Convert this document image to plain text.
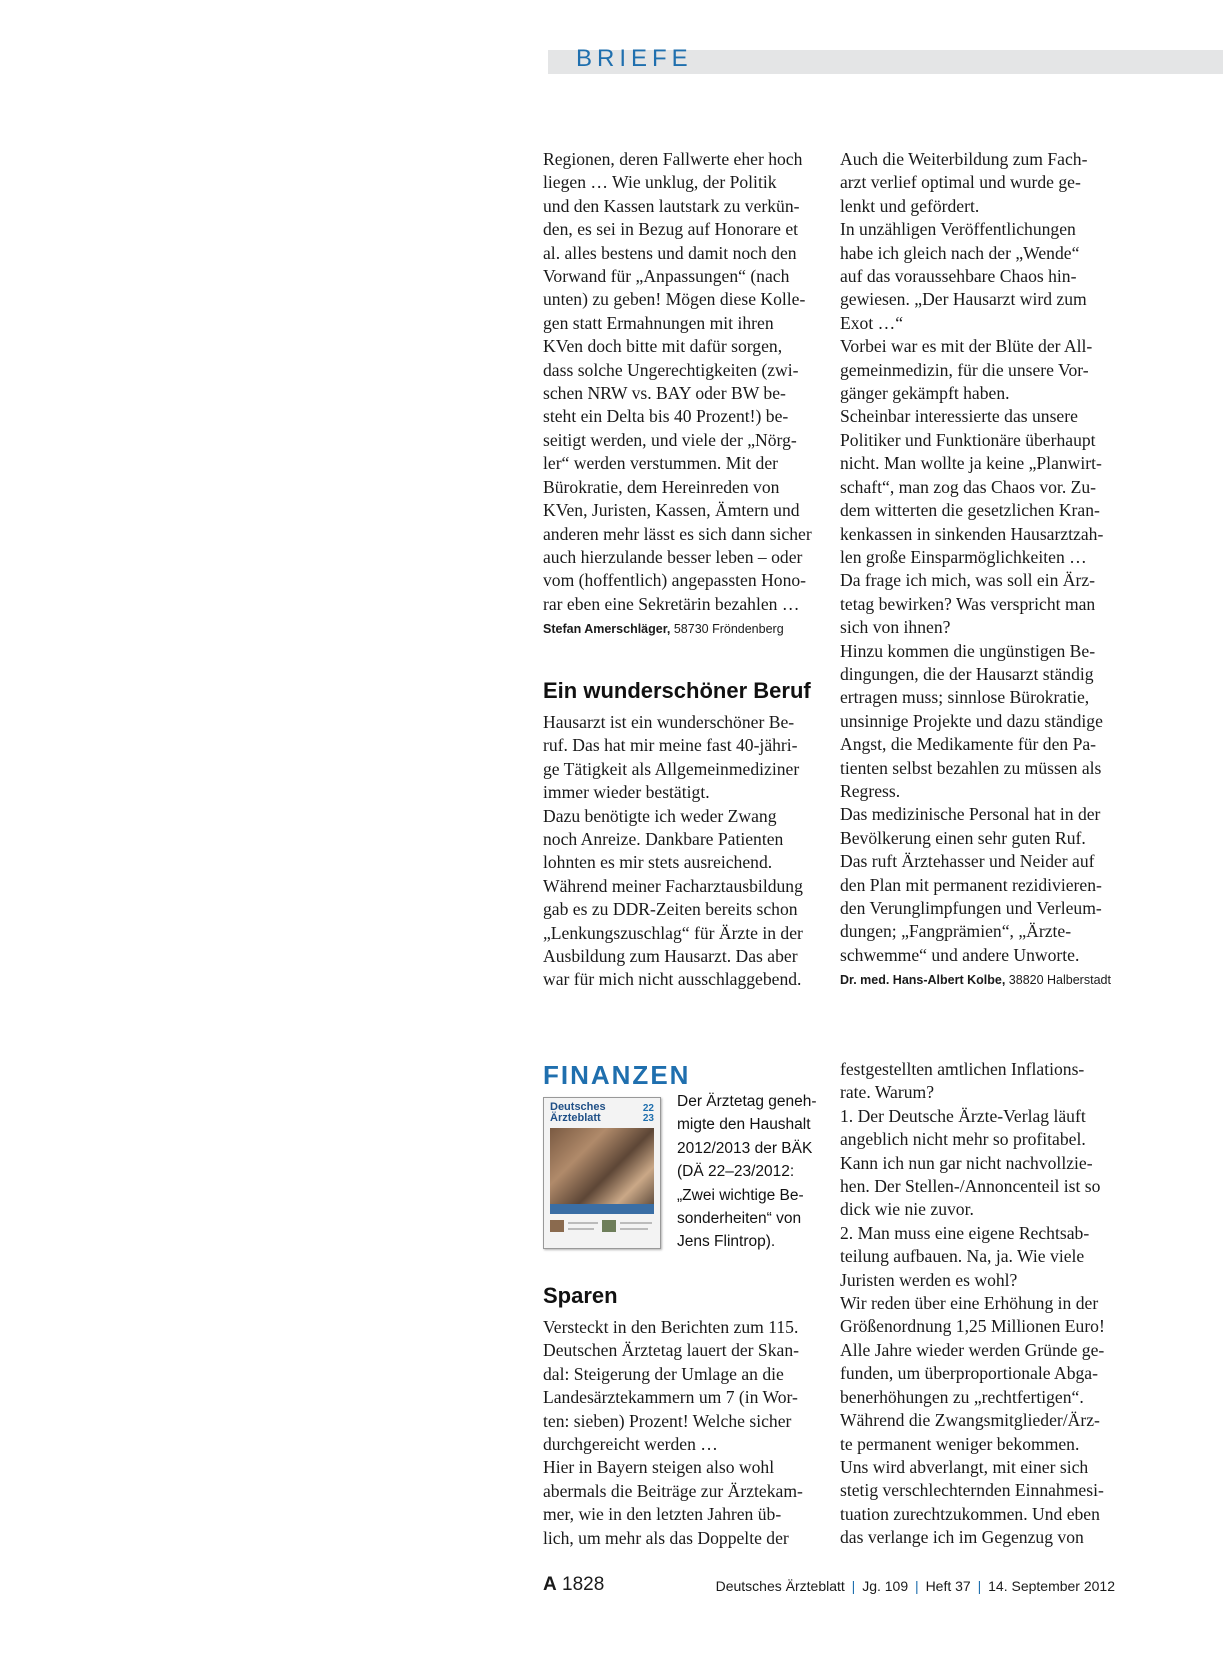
BRIEFE

Regionen, deren Fallwerte eher hoch

liegen … Wie unklug, der Politik

und den Kassen lautstark zu verkün-

den, es sei in Bezug auf Honorare et

al. alles bestens und damit noch den

Vorwand für „Anpassungen“ (nach

unten) zu geben! Mögen diese Kolle-

gen statt Ermahnungen mit ihren

KVen doch bitte mit dafür sorgen,

dass solche Ungerechtigkeiten (zwi-

schen NRW vs. BAY oder BW be-

steht ein Delta bis 40 Prozent!) be-

seitigt werden, und viele der „Nörg-

ler“ werden verstummen. Mit der

Bürokratie, dem Hereinreden von

KVen, Juristen, Kassen, Ämtern und

anderen mehr lässt es sich dann sicher

auch hierzulande besser leben – oder

vom (hoffentlich) angepassten Hono-

rar eben eine Sekretärin bezahlen …

Stefan Amerschläger, 58730 Fröndenberg
Ein wunderschöner Beruf

Hausarzt ist ein wunderschöner Be-

ruf. Das hat mir meine fast 40-jähri-

ge Tätigkeit als Allgemeinmediziner

immer wieder bestätigt.

Dazu benötigte ich weder Zwang

noch Anreize. Dankbare Patienten

lohnten es mir stets ausreichend.

Während meiner Facharztausbildung

gab es zu DDR-Zeiten bereits schon

„Lenkungszuschlag“ für Ärzte in der

Ausbildung zum Hausarzt. Das aber

war für mich nicht ausschlaggebend.

Auch die Weiterbildung zum Fach-

arzt verlief optimal und wurde ge-

lenkt und gefördert.

In unzähligen Veröffentlichungen

habe ich gleich nach der „Wende“

auf das voraussehbare Chaos hin-

gewiesen. „Der Hausarzt wird zum

Exot …“

Vorbei war es mit der Blüte der All-

gemeinmedizin, für die unsere Vor-

gänger gekämpft haben.

Scheinbar interessierte das unsere

Politiker und Funktionäre überhaupt

nicht. Man wollte ja keine „Planwirt-

schaft“, man zog das Chaos vor. Zu-

dem witterten die gesetzlichen Kran-

kenkassen in sinkenden Hausarztzah-

len große Einsparmöglichkeiten …

Da frage ich mich, was soll ein Ärz-

tetag bewirken? Was verspricht man

sich von ihnen?

Hinzu kommen die ungünstigen Be-

dingungen, die der Hausarzt ständig

ertragen muss; sinnlose Bürokratie,

unsinnige Projekte und dazu ständige

Angst, die Medikamente für den Pa-

tienten selbst bezahlen zu müssen als

Regress.

Das medizinische Personal hat in der

Bevölkerung einen sehr guten Ruf.

Das ruft Ärztehasser und Neider auf

den Plan mit permanent rezidivieren-

den Verunglimpfungen und Verleum-

dungen; „Fangprämien“, „Ärzte-

schwemme“ und andere Unworte.

Dr. med. Hans-Albert Kolbe, 38820 Halberstadt
FINANZEN
Deutsches
Ärzteblatt
22
23

Der Ärztetag geneh-

migte den Haushalt

2012/2013 der BÄK

(DÄ 22–23/2012:

„Zwei wichtige Be-

sonderheiten“ von

Jens Flintrop).

Sparen

Versteckt in den Berichten zum 115.

Deutschen Ärztetag lauert der Skan-

dal: Steigerung der Umlage an die

Landesärztekammern um 7 (in Wor-

ten: sieben) Prozent! Welche sicher

durchgereicht werden …

Hier in Bayern steigen also wohl

abermals die Beiträge zur Ärztekam-

mer, wie in den letzten Jahren üb-

lich, um mehr als das Doppelte der

festgestellten amtlichen Inflations-

rate. Warum?

1. Der Deutsche Ärzte-Verlag läuft

angeblich nicht mehr so profitabel.

Kann ich nun gar nicht nachvollzie-

hen. Der Stellen-/Annoncenteil ist so

dick wie nie zuvor.

2. Man muss eine eigene Rechtsab-

teilung aufbauen. Na, ja. Wie viele

Juristen werden es wohl?

Wir reden über eine Erhöhung in der

Größenordnung 1,25 Millionen Euro!

Alle Jahre wieder werden Gründe ge-

funden, um überproportionale Abga-

benerhöhungen zu „rechtfertigen“.

Während die Zwangsmitglieder/Ärz-

te permanent weniger bekommen.

Uns wird abverlangt, mit einer sich

stetig verschlechternden Einnahmesi-

tuation zurechtzukommen. Und eben

das verlange ich im Gegenzug von

A 1828	Deutsches Ärzteblatt | Jg. 109 | Heft 37 | 14. September 2012
